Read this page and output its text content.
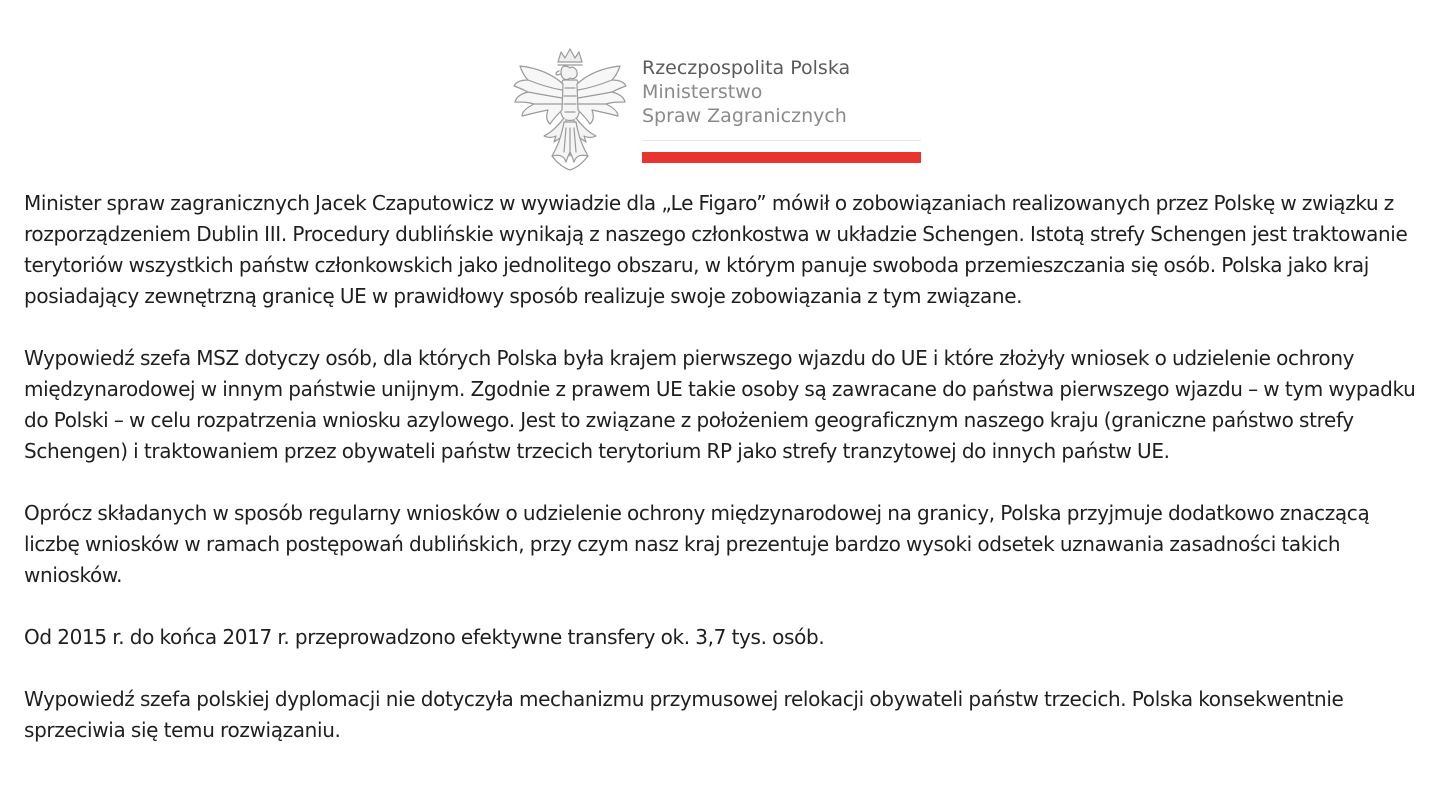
Rzeczpospolita Polska
Ministerstwo
Spraw Zagranicznych

Minister spraw zagranicznych Jacek Czaputowicz w wywiadzie dla „Le Figaro” mówił o zobowiązaniach realizowanych przez Polskę w związku z rozporządzeniem Dublin III. Procedury dublińskie wynikają z naszego członkostwa w układzie Schengen. Istotą strefy Schengen jest traktowanie terytoriów wszystkich państw członkowskich jako jednolitego obszaru, w którym panuje swoboda przemieszczania się osób. Polska jako kraj posiadający zewnętrzną granicę UE w prawidłowy sposób realizuje swoje zobowiązania z tym związane.

Wypowiedź szefa MSZ dotyczy osób, dla których Polska była krajem pierwszego wjazdu do UE i które złożyły wniosek o udzielenie ochrony międzynarodowej w innym państwie unijnym. Zgodnie z prawem UE takie osoby są zawracane do państwa pierwszego wjazdu – w tym wypadku do Polski – w celu rozpatrzenia wniosku azylowego. Jest to związane z położeniem geograficznym naszego kraju (graniczne państwo strefy Schengen) i traktowaniem przez obywateli państw trzecich terytorium RP jako strefy tranzytowej do innych państw UE.

Oprócz składanych w sposób regularny wniosków o udzielenie ochrony międzynarodowej na granicy, Polska przyjmuje dodatkowo znaczącą liczbę wniosków w ramach postępowań dublińskich, przy czym nasz kraj prezentuje bardzo wysoki odsetek uznawania zasadności takich wniosków.

Od 2015 r. do końca 2017 r. przeprowadzono efektywne transfery ok. 3,7 tys. osób.

Wypowiedź szefa polskiej dyplomacji nie dotyczyła mechanizmu przymusowej relokacji obywateli państw trzecich. Polska konsekwentnie sprzeciwia się temu rozwiązaniu.
